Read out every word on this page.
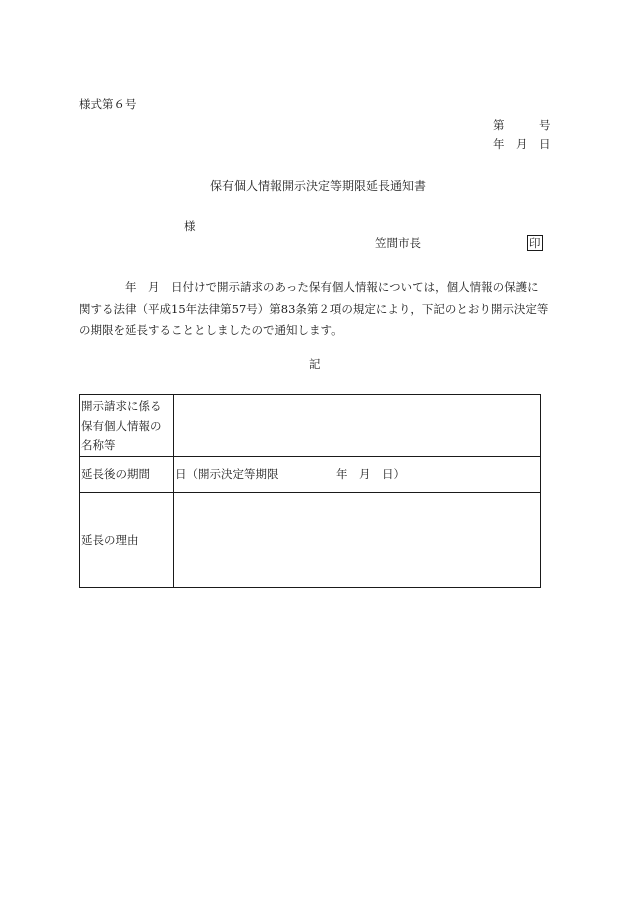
様式第６号
第　　　号
年　月　日
保有個人情報開示決定等期限延長通知書
様
笠間市長	印

　　　　年　月　日付けで開示請求のあった保有個人情報については，個人情報の保護に

関する法律（平成15年法律第57号）第83条第２項の規定により，下記のとおり開示決定等

の期限を延長することとしましたので通知します。

記
開示請求に係る
保有個人情報の
名称等	

延長後の期間	日（開示決定等期限　　　　　年　月　日）
延長の理由	
